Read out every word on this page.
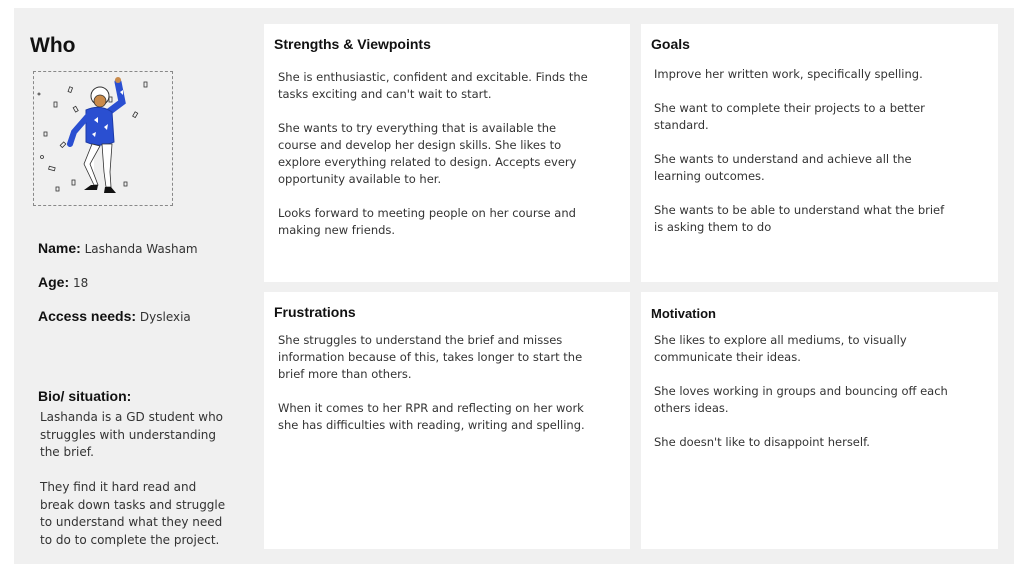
Who
Name: Lashanda Washam
Age: 18
Access needs: Dyslexia
Bio/ situation:

Lashanda is a GD student who struggles with understanding the brief.

They find it hard read and break down tasks and struggle to understand what they need to do to complete the project.

Strengths & Viewpoints

She is enthusiastic, confident and excitable. Finds the tasks exciting and can't wait to start.

She wants to try everything that is available the course and develop her design skills. She likes to explore everything related to design. Accepts every opportunity available to her.

Looks forward to meeting people on her course and making new friends.

Goals

Improve her written work, specifically spelling.

She want to complete their projects to a better standard.

She wants to understand and achieve all the learning outcomes.

She wants to be able to understand what the brief is asking them to do

Frustrations

She struggles to understand the brief and misses information because of this, takes longer to start the brief more than others.

When it comes to her RPR and reflecting on her work she has difficulties with reading, writing and spelling.

Motivation

She likes to explore all mediums, to visually communicate their ideas.

She loves working in groups and bouncing off each others ideas.

She doesn't like to disappoint herself.
